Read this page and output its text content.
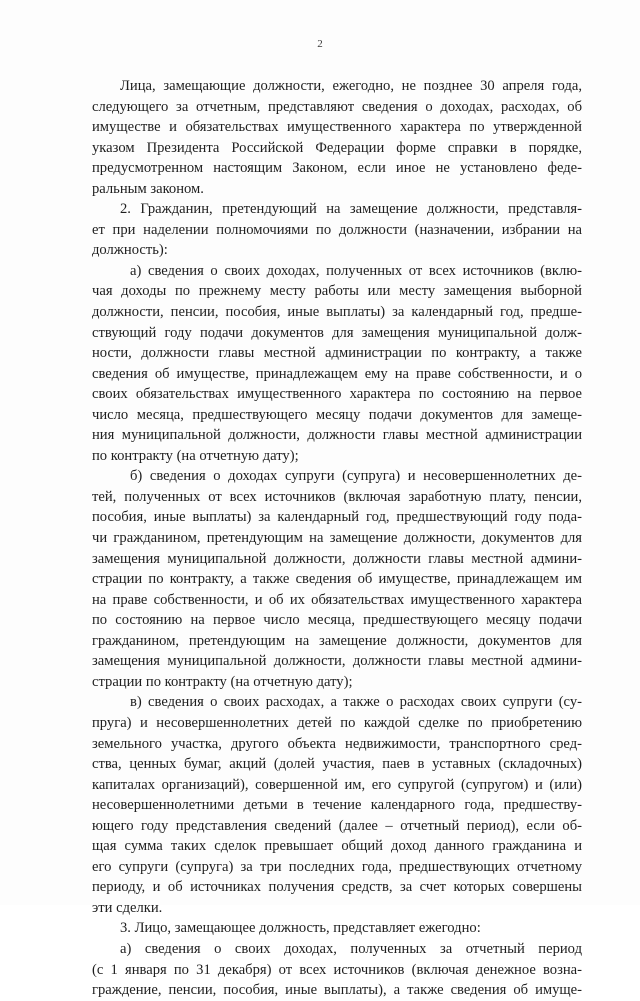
2
Лица, замещающие должности, ежегодно, не позднее 30 апреля года,
следующего за отчетным, представляют сведения о доходах, расходах, об
имуществе и обязательствах имущественного характера по утвержденной
указом Президента Российской Федерации форме справки в порядке,
предусмотренном настоящим Законом, если иное не установлено феде-
ральным законом.
2. Гражданин, претендующий на замещение должности, представля-
ет при наделении полномочиями по должности (назначении, избрании на
должность):
а) сведения о своих доходах, полученных от всех источников (вклю-
чая доходы по прежнему месту работы или месту замещения выборной
должности, пенсии, пособия, иные выплаты) за календарный год, предше-
ствующий году подачи документов для замещения муниципальной долж-
ности, должности главы местной администрации по контракту, а также
сведения об имуществе, принадлежащем ему на праве собственности, и о
своих обязательствах имущественного характера по состоянию на первое
число месяца, предшествующего месяцу подачи документов для замеще-
ния муниципальной должности, должности главы местной администрации
по контракту (на отчетную дату);
б) сведения о доходах супруги (супруга) и несовершеннолетних де-
тей, полученных от всех источников (включая заработную плату, пенсии,
пособия, иные выплаты) за календарный год, предшествующий году пода-
чи гражданином, претендующим на замещение должности, документов для
замещения муниципальной должности, должности главы местной админи-
страции по контракту, а также сведения об имуществе, принадлежащем им
на праве собственности, и об их обязательствах имущественного характера
по состоянию на первое число месяца, предшествующего месяцу подачи
гражданином, претендующим на замещение должности, документов для
замещения муниципальной должности, должности главы местной админи-
страции по контракту (на отчетную дату);
в) сведения о своих расходах, а также о расходах своих супруги (су-
пруга) и несовершеннолетних детей по каждой сделке по приобретению
земельного участка, другого объекта недвижимости, транспортного сред-
ства, ценных бумаг, акций (долей участия, паев в уставных (складочных)
капиталах организаций), совершенной им, его супругой (супругом) и (или)
несовершеннолетними детьми в течение календарного года, предшеству-
ющего году представления сведений (далее – отчетный период), если об-
щая сумма таких сделок превышает общий доход данного гражданина и
его супруги (супруга) за три последних года, предшествующих отчетному
периоду, и об источниках получения средств, за счет которых совершены
эти сделки.
3. Лицо, замещающее должность, представляет ежегодно:
а) сведения о своих доходах, полученных за отчетный период
(с 1 января по 31 декабря) от всех источников (включая денежное возна-
граждение, пенсии, пособия, иные выплаты), а также сведения об имуще-
